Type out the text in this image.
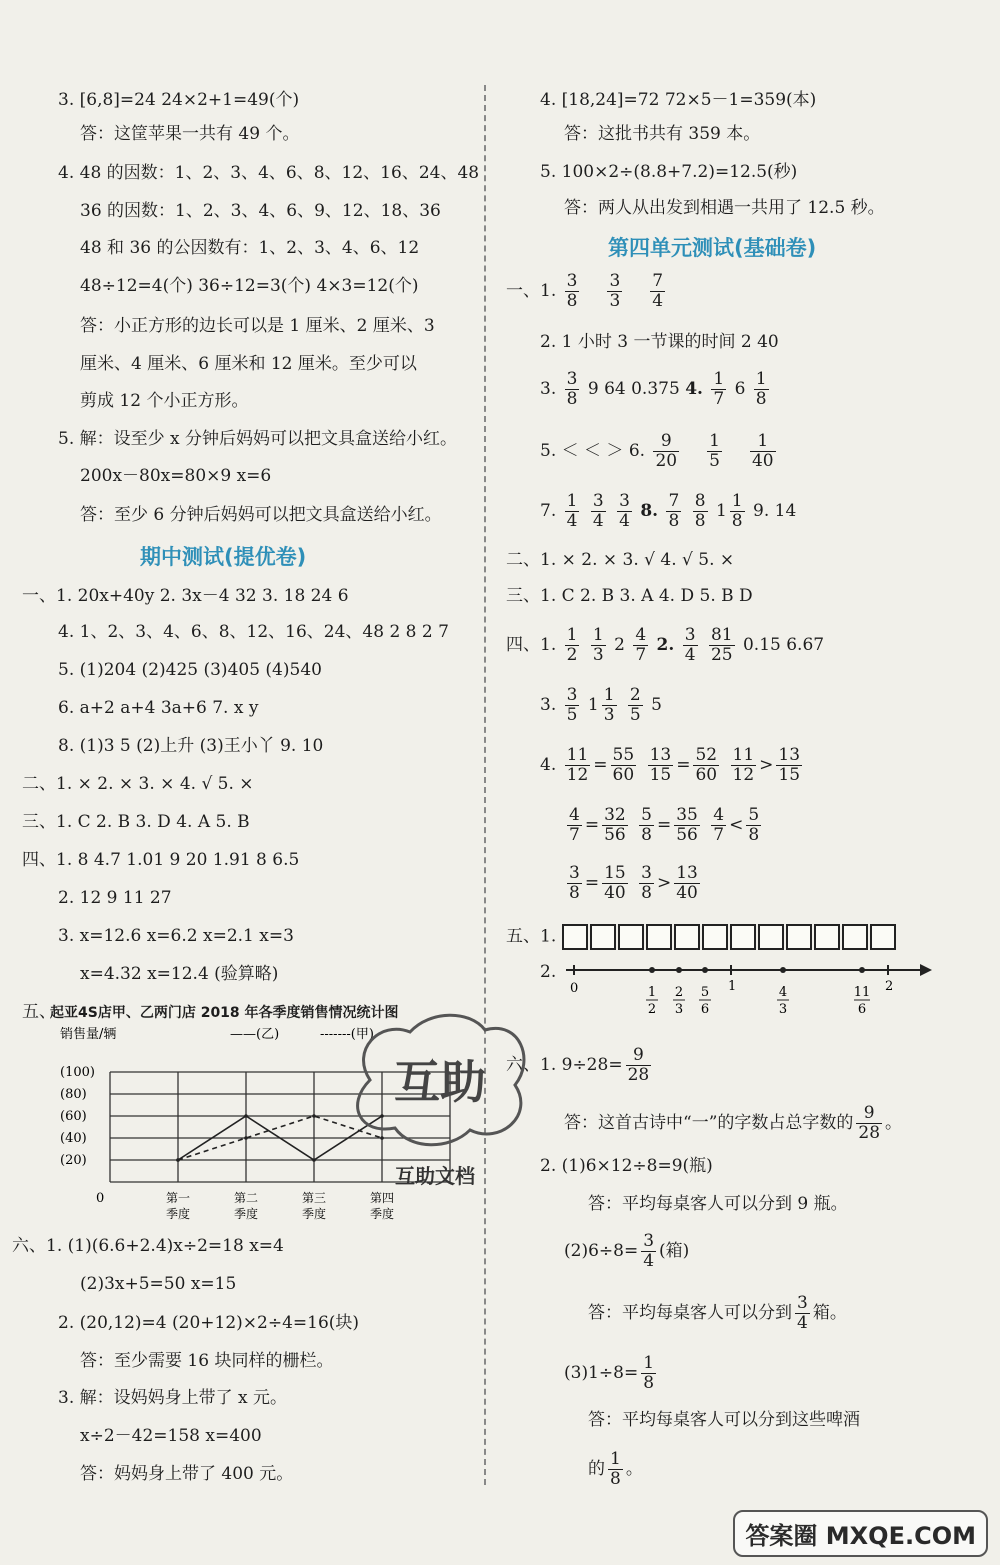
3. [6,8]=24 24×2+1=49(个)
答：这筐苹果一共有 49 个。
4. 48 的因数：1、2、3、4、6、8、12、16、24、48
36 的因数：1、2、3、4、6、9、12、18、36
48 和 36 的公因数有：1、2、3、4、6、12
48÷12=4(个) 36÷12=3(个) 4×3=12(个)
答：小正方形的边长可以是 1 厘米、2 厘米、3
厘米、4 厘米、6 厘米和 12 厘米。至少可以
剪成 12 个小正方形。
5. 解：设至少 x 分钟后妈妈可以把文具盒送给小红。
200x－80x=80×9 x=6
答：至少 6 分钟后妈妈可以把文具盒送给小红。
期中测试(提优卷)
一、1. 20x+40y 2. 3x－4 32 3. 18 24 6
4. 1、2、3、4、6、8、12、16、24、48 2 8 2 7
5. (1)204 (2)425 (3)405 (4)540
6. a+2 a+4 3a+6 7. x y
8. (1)3 5 (2)上升 (3)王小丫 9. 10
二、1. × 2. × 3. × 4. √ 5. ×
三、1. C 2. B 3. D 4. A 5. B
四、1. 8 4.7 1.01 9 20 1.91 8 6.5
2. 12 9 11 27
3. x=12.6 x=6.2 x=2.1 x=3
x=4.32 x=12.4 (验算略)
五、
起亚4S店甲、乙两门店 2018 年各季度销售情况统计图
销售量/辆	——(乙)	-------(甲)
(100)
(80)
(60)
(40)
(20)
0	第一
季度
第二
季度
第三
季度
第四
季度
六、1. (1)(6.6+2.4)x÷2=18 x=4
(2)3x+5=50 x=15
2. (20,12)=4 (20+12)×2÷4=16(块)
答：至少需要 16 块同样的栅栏。
3. 解：设妈妈身上带了 x 元。
x÷2－42=158 x=400
答：妈妈身上带了 400 元。
4. [18,24]=72 72×5－1=359(本)
答：这批书共有 359 本。
5. 100×2÷(8.8+7.2)=12.5(秒)
答：两人从出发到相遇一共用了 12.5 秒。
第四单元测试(基础卷)
一、1. $\frac{3}{8} \frac{3}{3} \frac{7}{4}$
2. 1 小时 3 一节课的时间 2 40
3. $\frac{3}{8} 9$ 64 0.375 4. $\frac{1}{7} 6 \frac{1}{8}$
5. ＜ ＜ ＞ 6. $\frac{9}{20} \frac{1}{5} \frac{1}{40}$
7. $\frac{1}{4}$
$\frac{3}{4}$
$\frac{3}{4} 8$. $\frac{7}{8}$
$\frac{8}{8} 1 \frac{1}{8} 9$. 14
二、1. × 2. × 3. √ 4. √ 5. ×
三、1. C 2. B 3. A 4. D 5. B D
四、1. $\frac{1}{2}$
$\frac{1}{3} 2 \frac{4}{7} 2$. $\frac{3}{4}$
$\frac{81}{25} 0.15$ 6.67
3. $\frac{3}{5} 1 \frac{1}{3}$
$\frac{2}{5} 5$
4. $\frac{11}{12} = \frac{55}{60}$
$\frac{13}{15} = \frac{52}{60}$
$\frac{11}{12} > \frac{13}{15}$
$\frac{4}{7} = \frac{32}{56}$
$\frac{5}{8} = \frac{35}{56}$
$\frac{4}{7} < \frac{5}{8}$
$\frac{3}{8} = \frac{15}{40}$
$\frac{3}{8} > \frac{13}{40}$
五、1.
2.
0	1	2
1
2
2
3
5
6
4
3
11
6
六、1. $9\div 28= \frac{9}{28}$
答：这首古诗中“一”的字数占总字数的 $\frac{9}{28}$ 。
2. (1)6×12÷8=9(瓶)
答：平均每桌客人可以分到 9 瓶。
$(2)6\div 8= \frac{3}{4}$ (箱)
答：平均每桌客人可以分到 $\frac{3}{4}$ 箱。
$(3)1\div 8= \frac{1}{8}$
答：平均每桌客人可以分到这些啤酒
的 $\frac{1}{8}$ 。
互助
互助文档
答案圈 MXQE.COM
